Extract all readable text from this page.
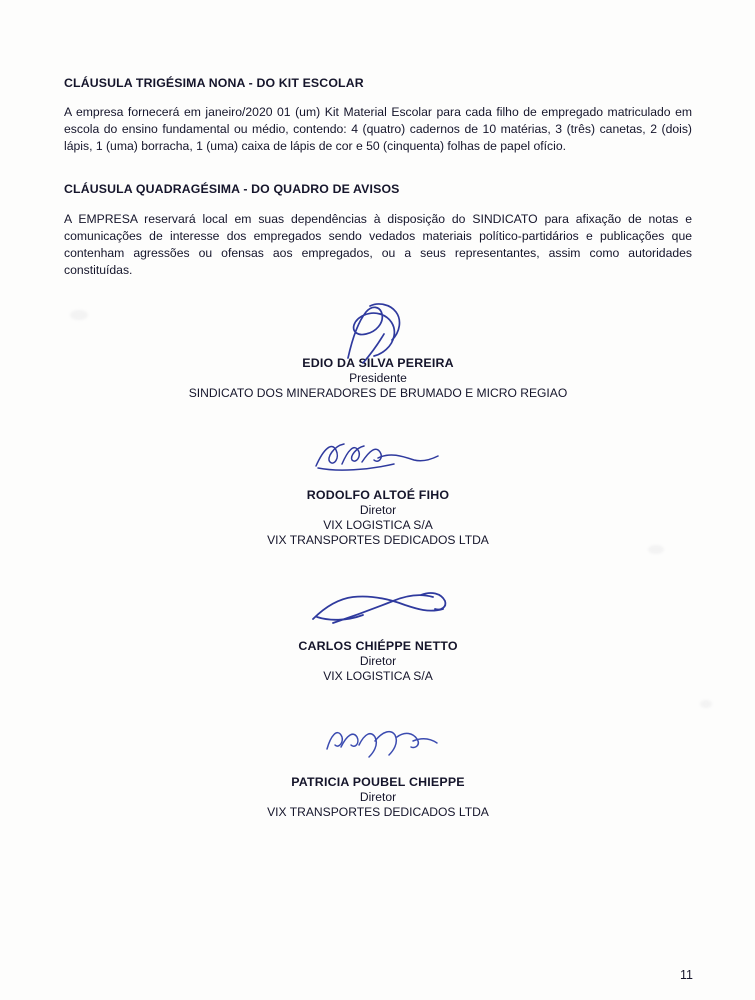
CLÁUSULA TRIGÉSIMA NONA - DO KIT ESCOLAR

A empresa fornecerá em janeiro/2020 01 (um) Kit Material Escolar para cada filho de empregado matriculado em escola do ensino fundamental ou médio, contendo: 4 (quatro) cadernos de 10 matérias, 3 (três) canetas, 2 (dois) lápis, 1 (uma) borracha, 1 (uma) caixa de lápis de cor e 50 (cinquenta) folhas de papel ofício.

CLÁUSULA QUADRAGÉSIMA - DO QUADRO DE AVISOS

A EMPRESA reservará local em suas dependências à disposição do SINDICATO para afixação de notas e comunicações de interesse dos empregados sendo vedados materiais político-partidários e publicações que contenham agressões ou ofensas aos empregados, ou a seus representantes, assim como autoridades constituídas.

EDIO DA SILVA PEREIRA
Presidente
SINDICATO DOS MINERADORES DE BRUMADO E MICRO REGIAO
RODOLFO ALTOÉ FIHO
Diretor
VIX LOGISTICA S/A
VIX TRANSPORTES DEDICADOS LTDA
CARLOS CHIÉPPE NETTO
Diretor
VIX LOGISTICA S/A
PATRICIA POUBEL CHIEPPE
Diretor
VIX TRANSPORTES DEDICADOS LTDA
11
